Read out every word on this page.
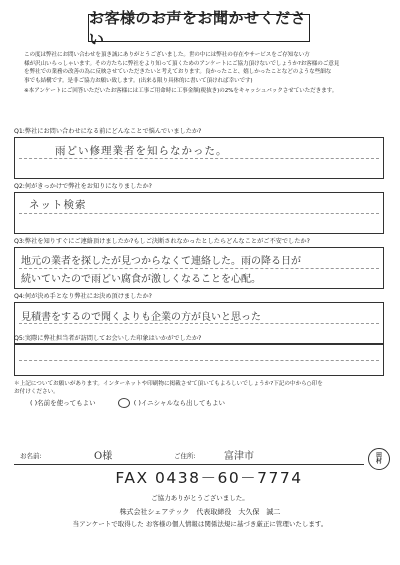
お客様のお声をお聞かせください

この度は弊社にお問い合わせを頂き誠にありがとうございました。世の中には弊社の存在やサービスをご存知ない方

様が沢山いらっしゃいます。その方たちに弊社をより知って頂くためのアンケートにご協力頂けないでしょうか?お客様のご意見

を弊社での業務の改善の為に反映させていただきたいと考えております。良かったこと、嬉しかったことなどのような些細な

事でも結構です。是非ご協力お願い致します。(出来る限り具体的に書いて頂ければ幸いです)

※本アンケートにご回答いただいたお客様には工事ご用命時に工事金額(税抜き)の2%をキャッシュバックさせていただきます。

Q1:弊社にお問い合わせになる前にどんなことで悩んでいましたか?
雨どい修理業者を知らなかった。
Q2:何がきっかけで弊社をお知りになりましたか?
ネット検索
Q3:弊社を知りすぐにご連絡頂けましたか?もしご決断されなかったとしたらどんなことがご不安でしたか?
地元の業者を探したが見つからなくて連絡した。雨の降る日が
続いていたので雨どい腐食が激しくなることを心配。
Q4:何が決め手となり弊社にお決め頂けましたか?
見積書をするので聞くよりも企業の方が良いと思った
Q5:実際に弊社担当者が訪問してお会いした印象はいかがでしたか?
＊上記についてお願いがあります。インターネットや印刷物に掲載させて頂いてもよろしいでしょうか?下記の中から○印を
お付けください。
( )名前を使ってもよい	( )イニシャルなら出してもよい
お名前:	O様	ご住所:	富津市	田
村
FAX 0438－60－7774
ご協力ありがとうございました。
株式会社シェアテック　代表取締役　大久保　誠二
当アンケートで取得した お客様の個人情報は関係法規に基づき厳正に管理いたします。
